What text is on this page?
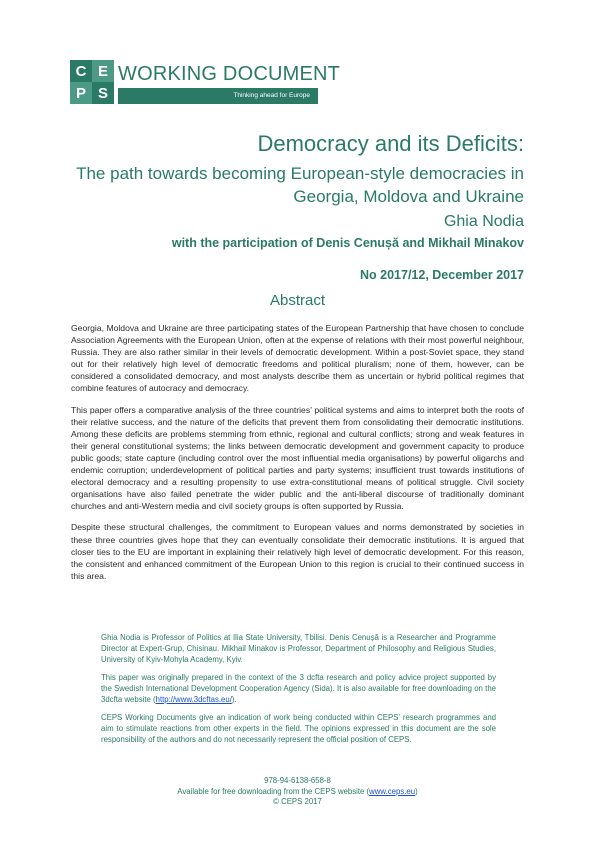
C E
P S
WORKING DOCUMENT
Thinking ahead for Europe
Democracy and its Deficits:
The path towards becoming European-style democracies in Georgia, Moldova and Ukraine
Ghia Nodia
with the participation of Denis Cenușă and Mikhail Minakov
No 2017/12, December 2017
Abstract

Georgia, Moldova and Ukraine are three participating states of the European Partnership that have chosen to conclude Association Agreements with the European Union, often at the expense of relations with their most powerful neighbour, Russia. They are also rather similar in their levels of democratic development. Within a post-Soviet space, they stand out for their relatively high level of democratic freedoms and political pluralism; none of them, however, can be considered a consolidated democracy, and most analysts describe them as uncertain or hybrid political regimes that combine features of autocracy and democracy.

This paper offers a comparative analysis of the three countries’ political systems and aims to interpret both the roots of their relative success, and the nature of the deficits that prevent them from consolidating their democratic institutions. Among these deficits are problems stemming from ethnic, regional and cultural conflicts; strong and weak features in their general constitutional systems; the links between democratic development and government capacity to produce public goods; state capture (including control over the most influential media organisations) by powerful oligarchs and endemic corruption; underdevelopment of political parties and party systems; insufficient trust towards institutions of electoral democracy and a resulting propensity to use extra-constitutional means of political struggle. Civil society organisations have also failed penetrate the wider public and the anti-liberal discourse of traditionally dominant churches and anti-Western media and civil society groups is often supported by Russia.

Despite these structural challenges, the commitment to European values and norms demonstrated by societies in these three countries gives hope that they can eventually consolidate their democratic institutions. It is argued that closer ties to the EU are important in explaining their relatively high level of democratic development. For this reason, the consistent and enhanced commitment of the European Union to this region is crucial to their continued success in this area.

Ghia Nodia is Professor of Politics at Ilia State University, Tbilisi. Denis Cenușă is a Researcher and Programme Director at Expert-Grup, Chisinau. Mikhail Minakov is Professor, Department of Philosophy and Religious Studies, University of Kyiv-Mohyla Academy, Kyiv.

This paper was originally prepared in the context of the 3 dcfta research and policy advice project supported by the Swedish International Development Cooperation Agency (Sida). It is also available for free downloading on the 3dcfta website (http://www.3dcftas.eu/).

CEPS Working Documents give an indication of work being conducted within CEPS’ research programmes and aim to stimulate reactions from other experts in the field. The opinions expressed in this document are the sole responsibility of the authors and do not necessarily represent the official position of CEPS.

978-94-6138-658-8
Available for free downloading from the CEPS website (www.ceps.eu)
© CEPS 2017
